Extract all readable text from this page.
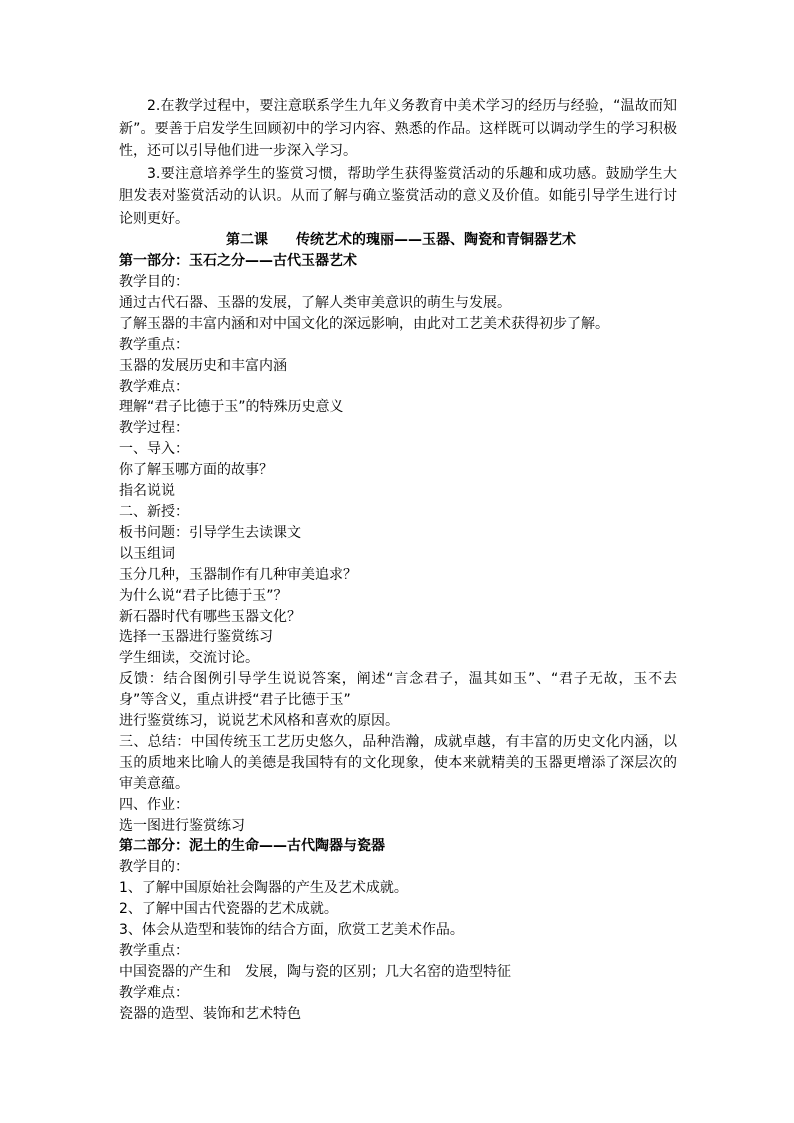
2.在教学过程中，要注意联系学生九年义务教育中美术学习的经历与经验，“温故而知新”。要善于启发学生回顾初中的学习内容、熟悉的作品。这样既可以调动学生的学习积极性，还可以引导他们进一步深入学习。

3.要注意培养学生的鉴赏习惯，帮助学生获得鉴赏活动的乐趣和成功感。鼓励学生大胆发表对鉴赏活动的认识。从而了解与确立鉴赏活动的意义及价值。如能引导学生进行讨论则更好。

第二课　　传统艺术的瑰丽——玉器、陶瓷和青铜器艺术

第一部分：玉石之分——古代玉器艺术

教学目的：

通过古代石器、玉器的发展，了解人类审美意识的萌生与发展。

了解玉器的丰富内涵和对中国文化的深远影响，由此对工艺美术获得初步了解。

教学重点：

玉器的发展历史和丰富内涵

教学难点：

理解“君子比德于玉”的特殊历史意义

教学过程：

一、导入：

你了解玉哪方面的故事？

指名说说

二、新授：

板书问题：引导学生去读课文

以玉组词

玉分几种，玉器制作有几种审美追求？

为什么说“君子比德于玉”？

新石器时代有哪些玉器文化？

选择一玉器进行鉴赏练习

学生细读，交流讨论。

反馈：结合图例引导学生说说答案，阐述“言念君子，温其如玉”、“君子无故，玉不去身”等含义，重点讲授“君子比德于玉”

进行鉴赏练习，说说艺术风格和喜欢的原因。

三、总结：中国传统玉工艺历史悠久，品种浩瀚，成就卓越，有丰富的历史文化内涵，以玉的质地来比喻人的美德是我国特有的文化现象，使本来就精美的玉器更增添了深层次的审美意蕴。

四、作业：

选一图进行鉴赏练习

第二部分：泥土的生命——古代陶器与瓷器

教学目的：

1、了解中国原始社会陶器的产生及艺术成就。

2、了解中国古代瓷器的艺术成就。

3、体会从造型和装饰的结合方面，欣赏工艺美术作品。

教学重点：

中国瓷器的产生和　发展，陶与瓷的区别；几大名窑的造型特征

教学难点：

瓷器的造型、装饰和艺术特色
